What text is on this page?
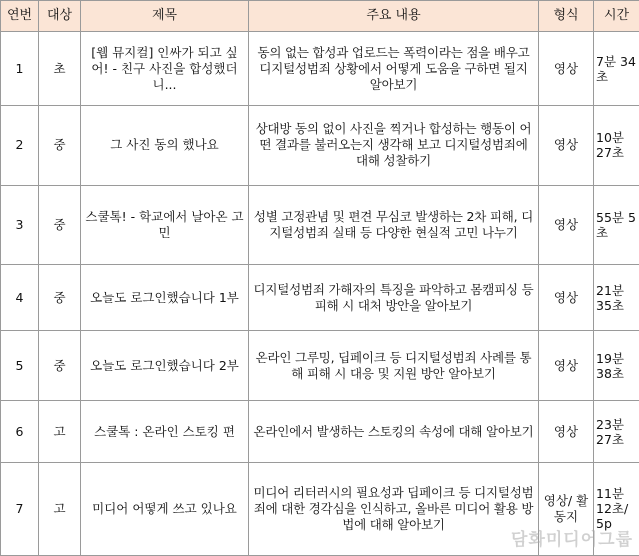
연번	대상	제목	주요 내용	형식	시간
1	초	[웹 뮤지컬] 인싸가 되고 싶어! - 친구 사진을 합성했더니...	동의 없는 합성과 업로드는 폭력이라는 점을 배우고 디지털성범죄 상황에서 어떻게 도움을 구하면 될지 알아보기	영상	7분 34초
2	중	그 사진 동의 했나요	상대방 동의 없이 사진을 찍거나 합성하는 행동이 어떤 결과를 불러오는지 생각해 보고 디지털성범죄에 대해 성찰하기	영상	10분 27초
3	중	스쿨톡! - 학교에서 날아온 고민	성별 고정관념 및 편견 무심코 발생하는 2차 피해, 디지털성범죄 실태 등 다양한 현실적 고민 나누기	영상	55분 5초
4	중	오늘도 로그인했습니다 1부	디지털성범죄 가해자의 특징을 파악하고 몸캠피싱 등 피해 시 대처 방안을 알아보기	영상	21분 35초
5	중	오늘도 로그인했습니다 2부	온라인 그루밍, 딥페이크 등 디지털성범죄 사례를 통해 피해 시 대응 및 지원 방안 알아보기	영상	19분 38초
6	고	스쿨톡 : 온라인 스토킹 편	온라인에서 발생하는 스토킹의 속성에 대해 알아보기	영상	23분 27초
7	고	미디어 어떻게 쓰고 있나요	미디어 리터러시의 필요성과 딥페이크 등 디지털성범죄에 대한 경각심을 인식하고, 올바른 미디어 활용 방법에 대해 알아보기	영상/ 활동지	11분 12초/ 5p
담화미디어그룹
